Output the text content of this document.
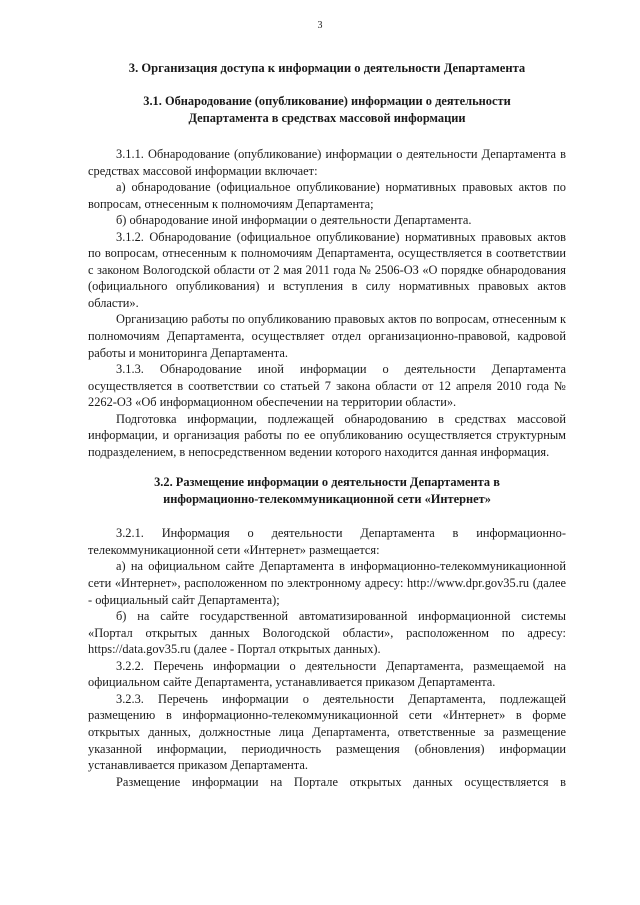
3
3. Организация доступа к информации о деятельности Департамента
3.1. Обнародование (опубликование) информации о деятельности
Департамента в средствах массовой информации

3.1.1. Обнародование (опубликование) информации о деятельности Департамента в средствах массовой информации включает:

а) обнародование (официальное опубликование) нормативных правовых актов по вопросам, отнесенным к полномочиям Департамента;

б) обнародование иной информации о деятельности Департамента.

3.1.2. Обнародование (официальное опубликование) нормативных правовых актов по вопросам, отнесенным к полномочиям Департамента, осуществляется в соответствии с законом Вологодской области от 2 мая 2011 года № 2506-ОЗ «О порядке обнародования (официального опубликования) и вступления в силу нормативных правовых актов области».

Организацию работы по опубликованию правовых актов по вопросам, отнесенным к полномочиям Департамента, осуществляет отдел организационно-правовой, кадровой работы и мониторинга Департамента.

3.1.3. Обнародование иной информации о деятельности Департамента осуществляется в соответствии со статьей 7 закона области от 12 апреля 2010 года № 2262-ОЗ «Об информационном обеспечении на территории области».

Подготовка информации, подлежащей обнародованию в средствах массовой информации, и организация работы по ее опубликованию осуществляется структурным подразделением, в непосредственном ведении которого находится данная информация.

3.2. Размещение информации о деятельности Департамента в
информационно-телекоммуникационной сети «Интернет»

3.2.1. Информация о деятельности Департамента в информационно-телекоммуникационной сети «Интернет» размещается:

а) на официальном сайте Департамента в информационно-телекоммуникационной сети «Интернет», расположенном по электронному адресу: http://www.dpr.gov35.ru (далее - официальный сайт Департамента);

б) на сайте государственной автоматизированной информационной системы «Портал открытых данных Вологодской области», расположенном по адресу: https://data.gov35.ru (далее - Портал открытых данных).

3.2.2. Перечень информации о деятельности Департамента, размещаемой на официальном сайте Департамента, устанавливается приказом Департамента.

3.2.3. Перечень информации о деятельности Департамента, подлежащей размещению в информационно-телекоммуникационной сети «Интернет» в форме открытых данных, должностные лица Департамента, ответственные за размещение указанной информации, периодичность размещения (обновления) информации устанавливается приказом Департамента.

Размещение информации на Портале открытых данных осуществляется в
